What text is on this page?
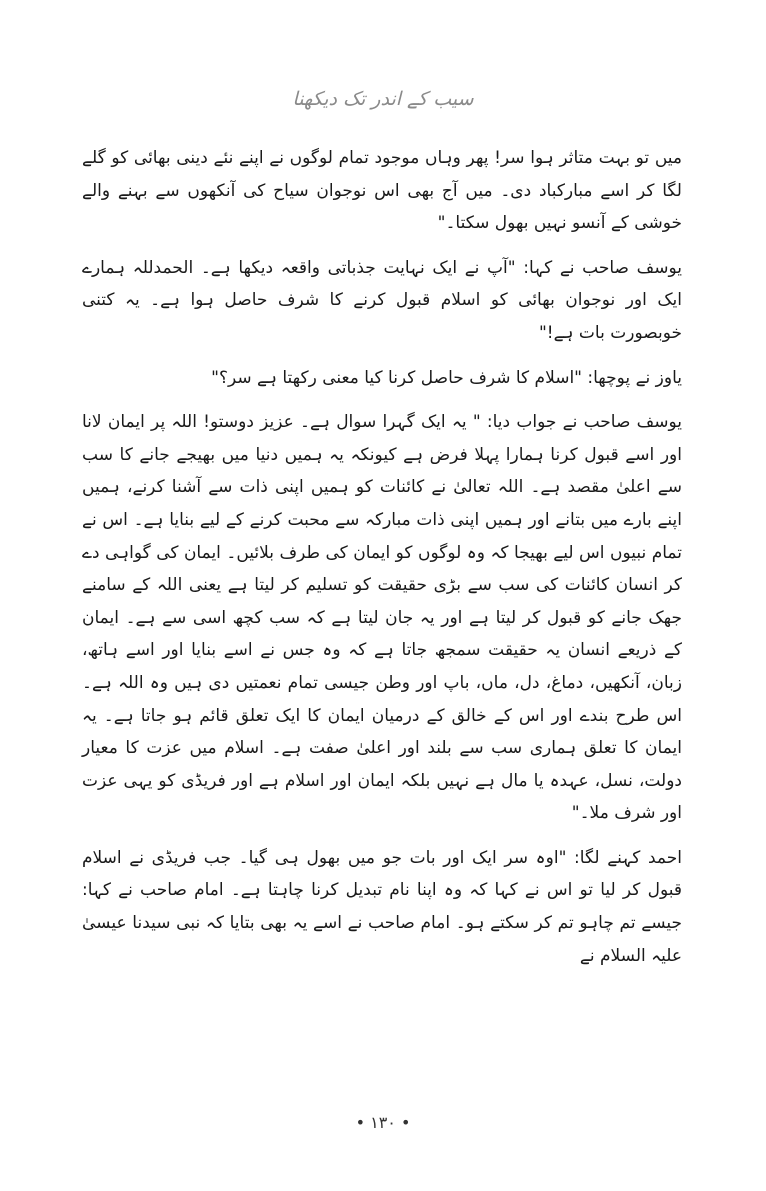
سیب کے اندر تک دیکھنا

میں تو بہت متاثر ہوا سر! پھر وہاں موجود تمام لوگوں نے اپنے نئے دینی بھائی کو گلے لگا کر اسے مبارکباد دی۔ میں آج بھی اس نوجوان سیاح کی آنکھوں سے بہنے والے خوشی کے آنسو نہیں بھول سکتا۔"

یوسف صاحب نے کہا: "آپ نے ایک نہایت جذباتی واقعہ دیکھا ہے۔ الحمدللہ ہمارے ایک اور نوجوان بھائی کو اسلام قبول کرنے کا شرف حاصل ہوا ہے۔ یہ کتنی خوبصورت بات ہے!"

یاوز نے پوچھا: "اسلام کا شرف حاصل کرنا کیا معنی رکھتا ہے سر؟"

یوسف صاحب نے جواب دیا: " یہ ایک گہرا سوال ہے۔ عزیز دوستو! اللہ پر ایمان لانا اور اسے قبول کرنا ہمارا پہلا فرض ہے کیونکہ یہ ہمیں دنیا میں بھیجے جانے کا سب سے اعلیٰ مقصد ہے۔ اللہ تعالیٰ نے کائنات کو ہمیں اپنی ذات سے آشنا کرنے، ہمیں اپنے بارے میں بتانے اور ہمیں اپنی ذات مبارکہ سے محبت کرنے کے لیے بنایا ہے۔ اس نے تمام نبیوں اس لیے بھیجا کہ وہ لوگوں کو ایمان کی طرف بلائیں۔ ایمان کی گواہی دے کر انسان کائنات کی سب سے بڑی حقیقت کو تسلیم کر لیتا ہے یعنی اللہ کے سامنے جھک جانے کو قبول کر لیتا ہے اور یہ جان لیتا ہے کہ سب کچھ اسی سے ہے۔ ایمان کے ذریعے انسان یہ حقیقت سمجھ جاتا ہے کہ وہ جس نے اسے بنایا اور اسے ہاتھ، زبان، آنکھیں، دماغ، دل، ماں، باپ اور وطن جیسی تمام نعمتیں دی ہیں وہ اللہ ہے۔ اس طرح بندے اور اس کے خالق کے درمیان ایمان کا ایک تعلق قائم ہو جاتا ہے۔ یہ ایمان کا تعلق ہماری سب سے بلند اور اعلیٰ صفت ہے۔ اسلام میں عزت کا معیار دولت، نسل، عہدہ یا مال ہے نہیں بلکہ ایمان اور اسلام ہے اور فریڈی کو یہی عزت اور شرف ملا۔"

احمد کہنے لگا: "اوہ سر ایک اور بات جو میں بھول ہی گیا۔ جب فریڈی نے اسلام قبول کر لیا تو اس نے کہا کہ وہ اپنا نام تبدیل کرنا چاہتا ہے۔ امام صاحب نے کہا: جیسے تم چاہو تم کر سکتے ہو۔ امام صاحب نے اسے یہ بھی بتایا کہ نبی سیدنا عیسیٰ علیہ السلام نے

• ۱۳۰ •
